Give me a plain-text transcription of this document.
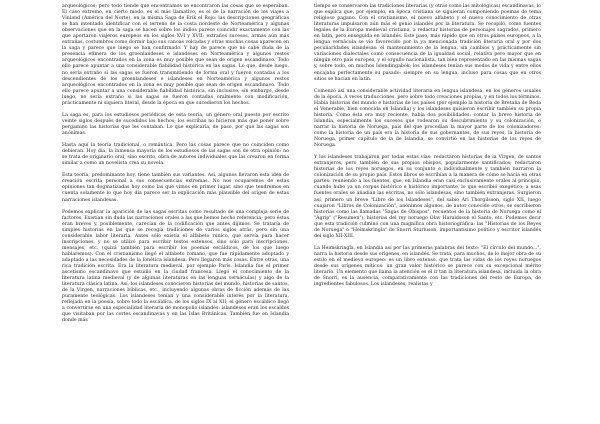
arqueológicos; pero todo tiende que encontramos se encontraron las cosas que se esperaban. El caso extremo, en cierto modo, es el más llamativo, es el de la narración de los viajes a Vinland (América del Norte), en la misma Saga de Erik el Rojo: las descripciones geográficas se han intentado identificar con el terreno de la costa nordeste de Norteamérica y algunas observaciones que en la saga se hacen sobre los indios parece coincidir exactamente con las que aportaron viajeros europeos en los siglos XVI y XVII: extraños sucesos, armas aún más extrañas, costumbres como dormir bajo sus canoas volcadas y otras muchas cosas aparecen en la saga y parece que luego se han confirmado. Y hay de parece que no cabe duda de la presencia efímera de los groenlandeses e islandeses en Norteamérica y algunos restos arqueológicos encontrados en la zona es muy posible que sean de origen escandinavo. Todo ello parece apuntar a una considerable fiabilidad histórica en las sagas. Lo que, desde luego, no sería extraño si las sagas se fueron transmitiendo de forma oral y fueron contadas a los descendientes de los groenlandeses e islandeses en Norteamérica y algunos restos arqueológicos encontrados en la zona es muy posible que sean de origen escandinavo. Todo ello parece apuntar a una considerable fiabilidad histórica, sin inclusive, sin embargo, desde luego, no sería extraño si las sagas se fueron contadas oralmente con modificación, prácticamente ni siquiera literal, desde la época en que sucedieron los hechos.

La saga es, para los estudiosos periódicos de esta teoría, un género oral puesto por escrito veinte siglos después de sucedidos los hechos; los escribas no hicieron más que poner sobre pergamino las historias que les contaban. Lo que explicaría, de paso, por qué las sagas son anónimas.

Hasta aquí la teoría tradicional, o romántica. Pero las cosas parece que no coinciden como debieran. Hoy día, la inmensa mayoría de los estudiosos de las sagas son de otra opinión: no se trata de originario oral, sino escrito, obra de autores individuales que las crearon en forma similar a como un novelista crea su novela.

Esta teoría, predominante hoy, tiene también sus variantes. Así, algunos llevaron esta idea de creación escrita personal a sus consecuencias extremas. No nos ocuparemos de estas opiniones tan dogmatizadas hoy como las que vimos en primer lugar, sino que tendremos en cuenta solamente lo que hoy día parece ser la explicación más plausible del origen de estas narraciones islandesas.

Podemos explicar la aparición de las sagas escritas como resultado de una compleja serie de factores. Existían sin duda las narraciones orales a las que hemos hecho referencia; pero éstas eran breves y, posiblemente, carecían de la codificación que antes dijimos. Se trataría de simples historias en las que se recogía tradiciones de varios siglos atrás, pero sin una considerable labor literaria. Antes sólo existía el alfabeto rúnico, que servía para hacer inscripciones, y no se utilizó para escribir textos extensos, sino sólo para inscripciones, mensajes, etc. (quizá también para escribir los poemas escáldicos, de los que luego hablaremos). Con el cristianismo llegó el alfabeto romano, que fue rápidamente adoptado y adaptado a las necesidades de la fonética islandesa. Pero llegaron más cosas. Entre otras, una rica tradición escrita. Era la literatura medieval, por ejemplo París. Islandia fue el primer ascetismo escandinavo que estudió en la ciudad francesa. Llegó el conocimiento de la literatura latina medieval (y de algunas literaturas en las lenguas vernáculas) y algo de la literatura clásica latina. Así, los islandeses conocieron historias del mundo, historias de santos, de la Virgen, narraciones bíblicas, etc., incluyendo algunas obras de ficción además de las puramente teológicas. Los islandeses tenían y una considerable interés por la literatura, reflejada en la poesía, sobre todo la escáldica, de los siglos IX al XII; el género escáldico llegó a convertirse en una especialidad literaria de monopolio islandés: islandeses eran los escaldos que visitaban por las cortes escandinavas y en las Islas Británicas. También fue en Islandia donde más

tiempo se conservaron las tradiciones literarias (y otras como las mitológicas) escandinavas, lo que explica que, por ejemplo, en época cristiana se siguieran componiendo poemas de tema religioso pagano. Con el cristianismo, el nuevo alfabeto y el nuevo conocimiento de otras literaturas impulsaron aún más el genio islandés por la literatura. Se recopiló, como fuentes legales de la Europa medieval cristiana, a redactar historias de personajes sagrados, primero en latín, pero enseguida en islandés. Este paso, más rápido que en otros países europeos, a la lengua vernácula se vio favorecido por la ya mencionada tradición literaria oral y por dos peculiaridades islandesas: el mantenimiento de la lengua, sin cambios y prácticamente sin variaciones dialectales como consecuencia de la igualdad social, relativa pero mayor que en ningún otro país europeo, y el orgullo nacionalista, tan bien representado en las mismas sagas y, sobre todo, en muchos Íslendingabók; los islandeses tenían sus modos de vida y entre ellos encajaba perfectamente su pasado: siempre en su lengua, incluso para cosas que en otros sitios se hacían en latín.

Comenzó así una considerable actividad literaria en lengua islandesa, en los géneros usuales de la época. A veces traducciones, pero sobre todo creaciones propias, y en todos los términos. Había historias del mundo e historias de los países (por ejemplo la historia de Bretaña de Beda el Venerable, bien conocida en Islandia) y los islandeses quisieron escribir también su propia historia. Como ésta era muy reciente, había dos posibilidades: contar la breve historia de Islandia, especialmente los sucesos que rodearon su descubrimiento y su colonización, o narrar la historia de Noruega, país del que procedían la mayor parte de los colonizadores: como la historia de un país era la historia de sus gobernantes, de sus reyes, la historia de Noruega, primer capítulo de la de Islandia, se convirtió en las historias de los reyes de Noruega.

Y los islandeses trabajaron por todas estas vías: redactaron historias de la Virgen, de santos extranjeros, pero también de sus propios obispos, popularmente santificados; redactaron historias de los reyes noruegos, en su conjunto e individualmente y también narraron la colonización de su propio país. Estos libros se escribían a la manera de cómo se hacía en otras partes: reuniendo a los fuentes, que, en Islandia eran casi exclusivamente orales al principio, cuando hubo ya un corpus histórico e histórico importante, lo que escribió exegético; a esas fuentes orales se añadían las escritas, no sólo islandesas, sino también extranjeras. Surgieron así, primero un breve "Libro de los Islandeses", del sabio Ari Thorgilsson, siglo XII, luego cuajaron "Libros de Colonización", anónimos algunos, de autor conocido otros; se escribieron historias como las llamadas "Sagas de Obispos", recuentos de la historia de Noruega como el "Ágrip" ("Resumen"), historias del rey noruego Olav Haraldsson el Santo, etc. Podemos decir que esta tradición culminó con una magnífica obra historiográfica: las "Historias de los Reyes de Noruega" o "Heimskringla" de Snorri Sturluson, importantísimo político y escritor islandés del siglo XII-XIII.

La Heimskringla, en Islandia así por las primeras palabras del texto: "El círculo del mundo...", narra la historia desde sus orígenes, en islandés. Se trata, para muchos, de lo mejor obra de su estilo en el medievo europeo: es un libro extenso, que trata las vidas de los reyes noruegos desde sus orígenes míticos: un gran valor histórico se parece con su excepcional mérito literario. Un elemento que llama la atención es el ir tan la literatura islandesa, incluida la obra de Snorri, es la ausencia, comparativamente con las tradiciones del resto de Europa, de ingredientes fabulosos. Los islandeses, realistas y
